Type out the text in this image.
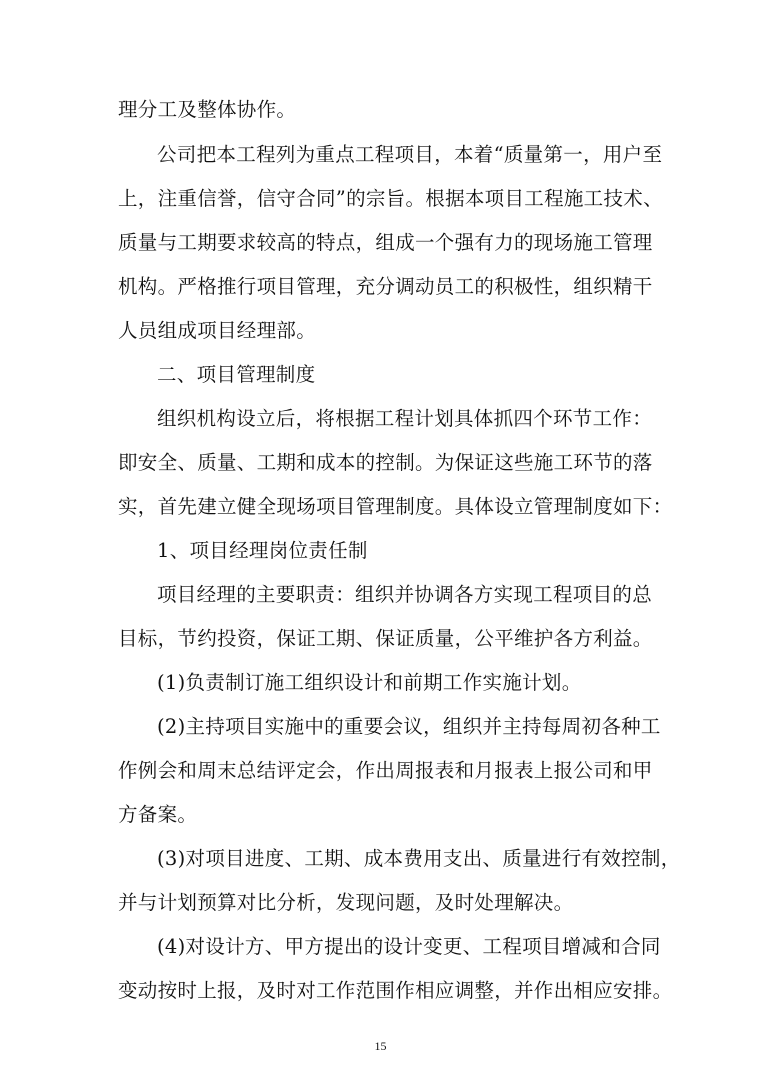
理分工及整体协作。
公司把本工程列为重点工程项目，本着“质量第一，用户至
上，注重信誉，信守合同”的宗旨。根据本项目工程施工技术、
质量与工期要求较高的特点，组成一个强有力的现场施工管理
机构。严格推行项目管理，充分调动员工的积极性，组织精干
人员组成项目经理部。
二、项目管理制度
组织机构设立后，将根据工程计划具体抓四个环节工作：
即安全、质量、工期和成本的控制。为保证这些施工环节的落
实，首先建立健全现场项目管理制度。具体设立管理制度如下：
1、项目经理岗位责任制
项目经理的主要职责：组织并协调各方实现工程项目的总
目标，节约投资，保证工期、保证质量，公平维护各方利益。
(1)负责制订施工组织设计和前期工作实施计划。
(2)主持项目实施中的重要会议，组织并主持每周初各种工
作例会和周末总结评定会，作出周报表和月报表上报公司和甲
方备案。
(3)对项目进度、工期、成本费用支出、质量进行有效控制，
并与计划预算对比分析，发现问题，及时处理解决。
(4)对设计方、甲方提出的设计变更、工程项目增减和合同
变动按时上报，及时对工作范围作相应调整，并作出相应安排。
15
